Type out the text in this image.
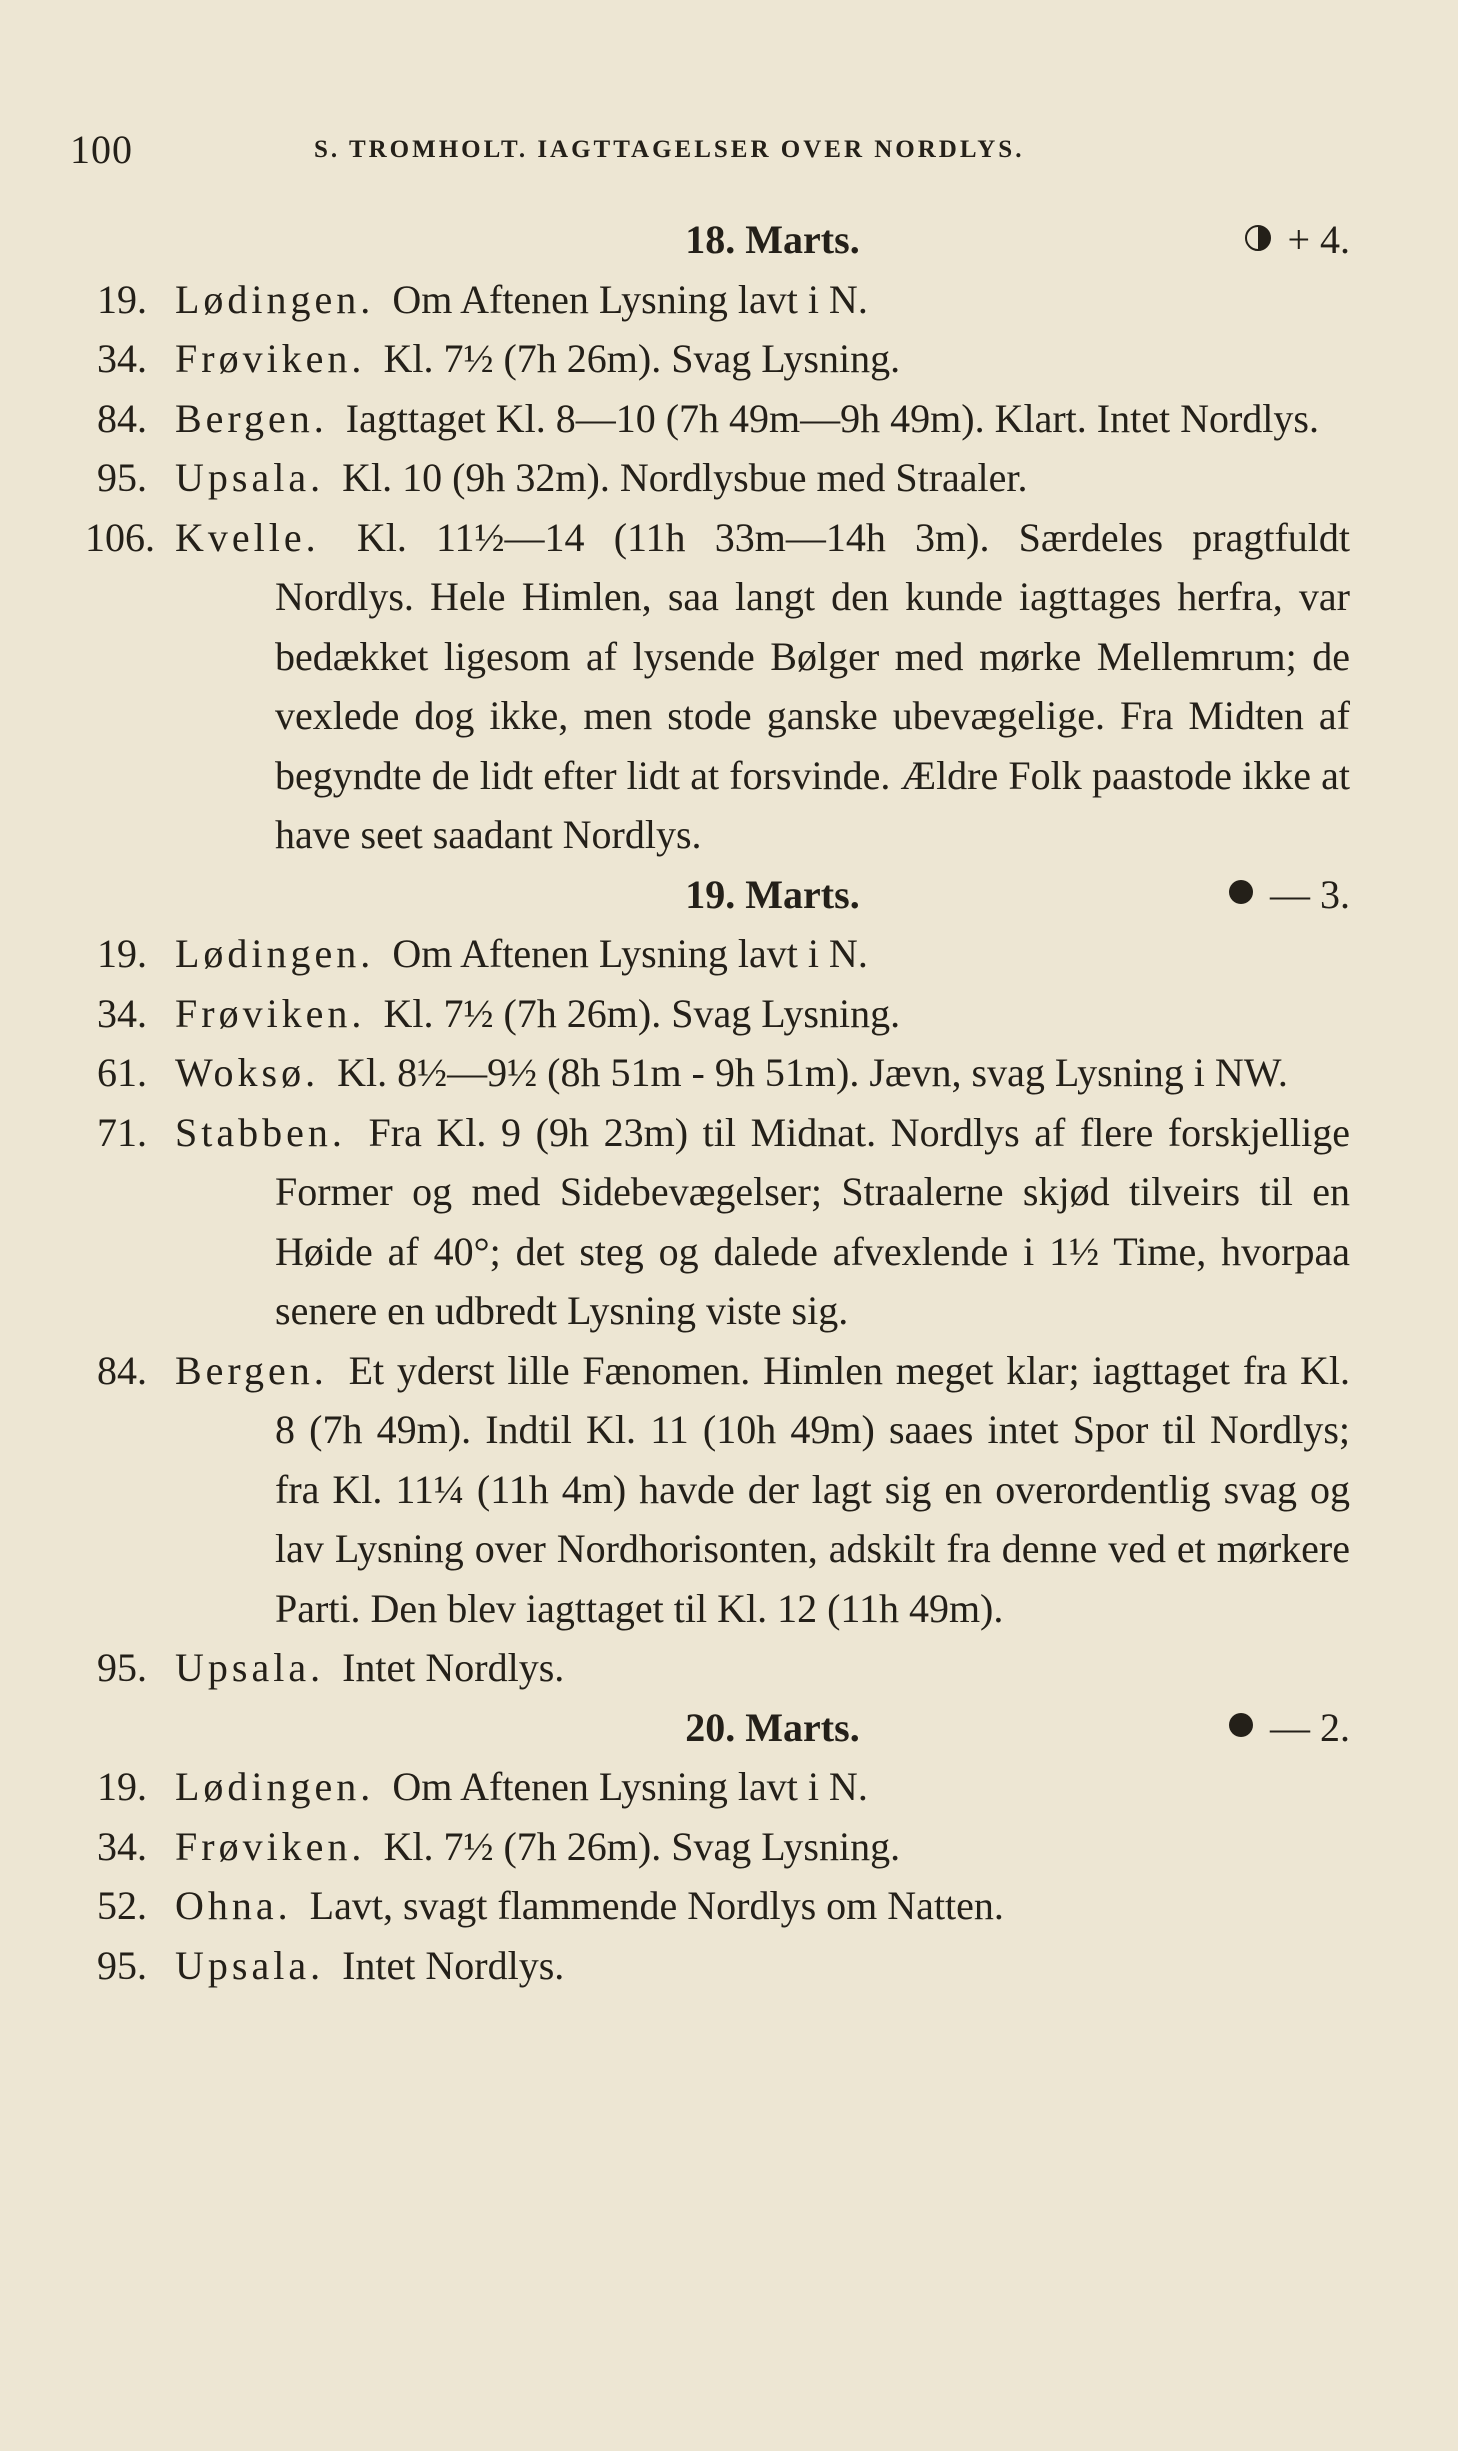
100	S. TROMHOLT. IAGTTAGELSER OVER NORDLYS.
18. Marts.	+ 4.
19. Lødingen. Om Aftenen Lysning lavt i N.
34. Frøviken. Kl. 7½ (7h 26m). Svag Lysning.
84. Bergen. Iagttaget Kl. 8—10 (7h 49m—9h 49m). Klart. Intet Nordlys.
95. Upsala. Kl. 10 (9h 32m). Nordlysbue med Straaler.
106. Kvelle. Kl. 11½—14 (11h 33m—14h 3m). Særdeles pragtfuldt Nordlys. Hele Himlen, saa langt den kunde iagttages herfra, var bedækket ligesom af lysende Bølger med mørke Mellemrum; de vexlede dog ikke, men stode ganske ubevægelige. Fra Midten af begyndte de lidt efter lidt at forsvinde. Ældre Folk paastode ikke at have seet saadant Nordlys.
19. Marts.	— 3.
19. Lødingen. Om Aftenen Lysning lavt i N.
34. Frøviken. Kl. 7½ (7h 26m). Svag Lysning.
61. Woksø. Kl. 8½—9½ (8h 51m - 9h 51m). Jævn, svag Lysning i NW.
71. Stabben. Fra Kl. 9 (9h 23m) til Midnat. Nordlys af flere forskjellige Former og med Sidebevægelser; Straalerne skjød tilveirs til en Høide af 40°; det steg og dalede afvexlende i 1½ Time, hvorpaa senere en udbredt Lysning viste sig.
84. Bergen. Et yderst lille Fænomen. Himlen meget klar; iagttaget fra Kl. 8 (7h 49m). Indtil Kl. 11 (10h 49m) saaes intet Spor til Nordlys; fra Kl. 11¼ (11h 4m) havde der lagt sig en overordentlig svag og lav Lysning over Nordhorisonten, adskilt fra denne ved et mørkere Parti. Den blev iagttaget til Kl. 12 (11h 49m).
95. Upsala. Intet Nordlys.
20. Marts.	— 2.
19. Lødingen. Om Aftenen Lysning lavt i N.
34. Frøviken. Kl. 7½ (7h 26m). Svag Lysning.
52. Ohna. Lavt, svagt flammende Nordlys om Natten.
95. Upsala. Intet Nordlys.
